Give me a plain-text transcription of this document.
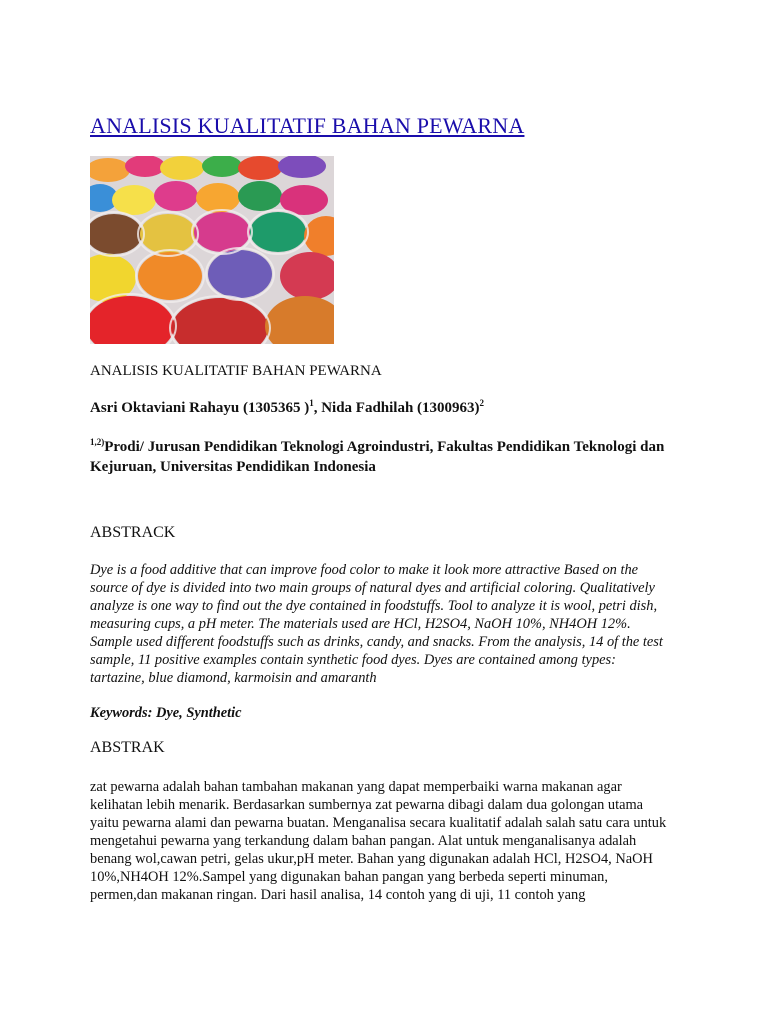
ANALISIS KUALITATIF BAHAN PEWARNA

ANALISIS KUALITATIF BAHAN PEWARNA

Asri Oktaviani Rahayu (1305365 )$^1$, Nida Fadhilah $(1300963)^2$

$^{1,2)}$Prodi/ Jurusan Pendidikan Teknologi Agroindustri, Fakultas Pendidikan Teknologi dan Kejuruan, Universitas Pendidikan Indonesia

ABSTRACK

Dye is a food additive that can improve food color to make it look more attractive Based on the source of dye is divided into two main groups of natural dyes and artificial coloring. Qualitatively analyze is one way to find out the dye contained in foodstuffs. Tool to analyze it is wool, petri dish, measuring cups, a pH meter. The materials used are HCl, H2SO4, NaOH 10%, NH4OH 12%. Sample used different foodstuffs such as drinks, candy, and snacks. From the analysis, 14 of the test sample, 11 positive examples contain synthetic food dyes. Dyes are contained among types: tartazine, blue diamond, karmoisin and amaranth

Keywords: Dye, Synthetic

ABSTRAK

zat pewarna adalah bahan tambahan makanan yang dapat memperbaiki warna makanan agar kelihatan lebih menarik. Berdasarkan sumbernya zat pewarna dibagi dalam dua golongan utama yaitu pewarna alami dan pewarna buatan. Menganalisa secara kualitatif adalah salah satu cara untuk mengetahui pewarna yang terkandung dalam bahan pangan. Alat untuk menganalisanya adalah benang wol,cawan petri, gelas ukur,pH meter. Bahan yang digunakan adalah HCl, H2SO4, NaOH 10%,NH4OH 12%.Sampel yang digunakan bahan pangan yang berbeda seperti minuman, permen,dan makanan ringan. Dari hasil analisa, 14 contoh yang di uji, 11 contoh yang
